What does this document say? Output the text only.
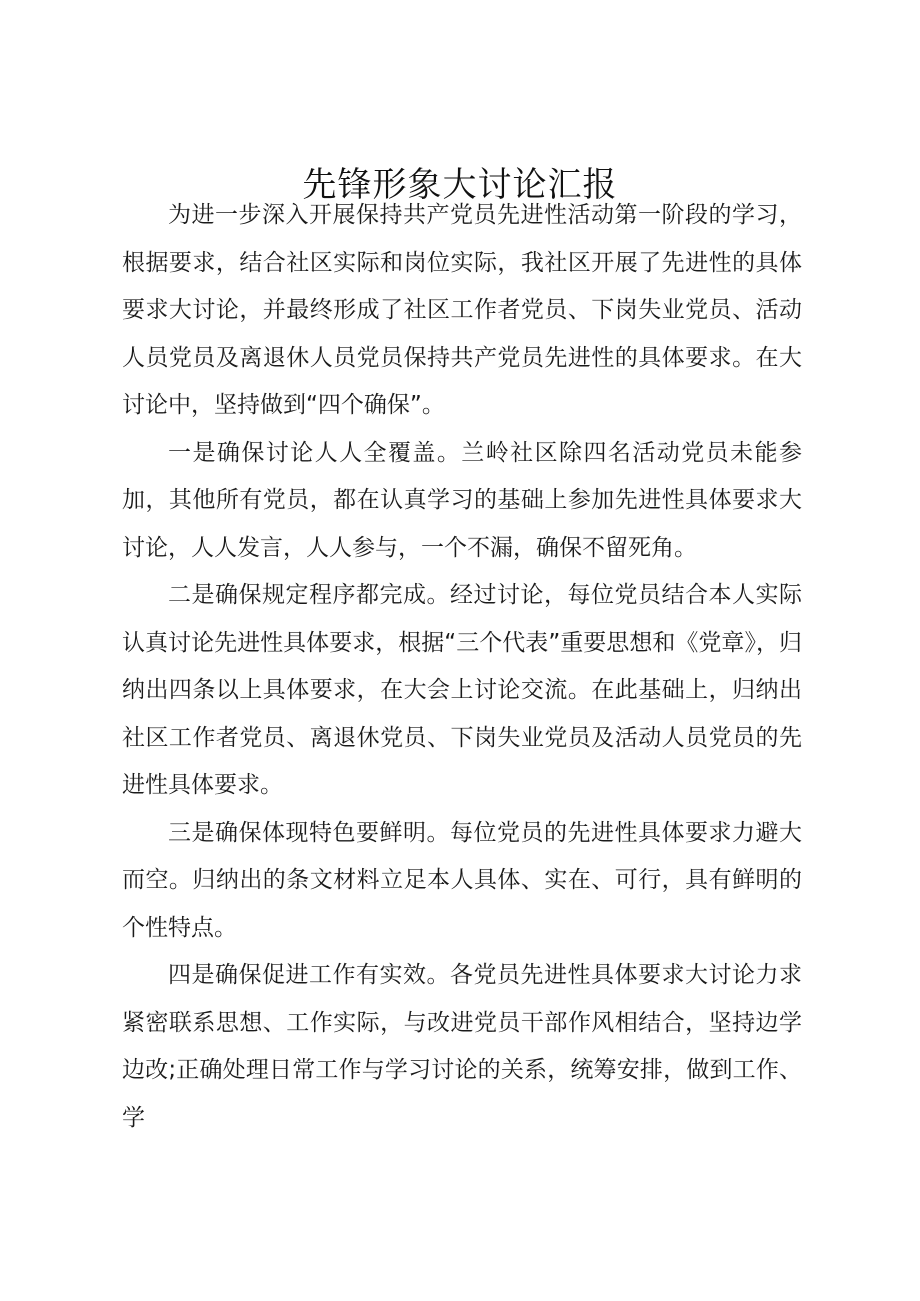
先锋形象大讨论汇报

为进一步深入开展保持共产党员先进性活动第一阶段的学习，根据要求，结合社区实际和岗位实际，我社区开展了先进性的具体要求大讨论，并最终形成了社区工作者党员、下岗失业党员、活动人员党员及离退休人员党员保持共产党员先进性的具体要求。在大讨论中，坚持做到“四个确保”。

一是确保讨论人人全覆盖。兰岭社区除四名活动党员未能参加，其他所有党员，都在认真学习的基础上参加先进性具体要求大讨论，人人发言，人人参与，一个不漏，确保不留死角。

二是确保规定程序都完成。经过讨论，每位党员结合本人实际认真讨论先进性具体要求，根据“三个代表”重要思想和《党章》，归纳出四条以上具体要求，在大会上讨论交流。在此基础上，归纳出社区工作者党员、离退休党员、下岗失业党员及活动人员党员的先进性具体要求。

三是确保体现特色要鲜明。每位党员的先进性具体要求力避大而空。归纳出的条文材料立足本人具体、实在、可行，具有鲜明的个性特点。

四是确保促进工作有实效。各党员先进性具体要求大讨论力求紧密联系思想、工作实际，与改进党员干部作风相结合，坚持边学边改;正确处理日常工作与学习讨论的关系，统筹安排，做到工作、学
